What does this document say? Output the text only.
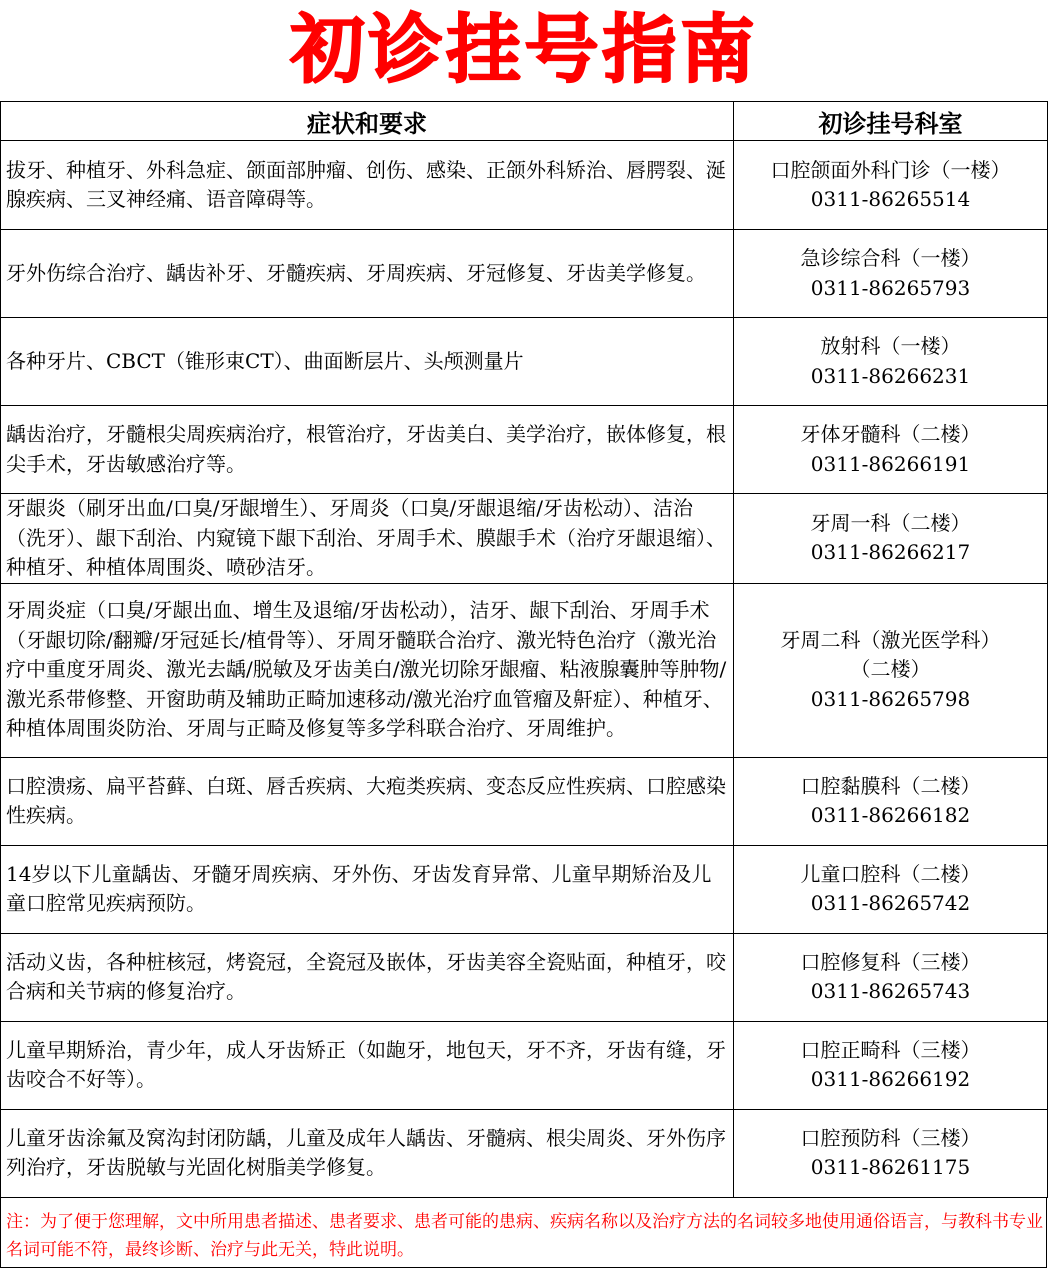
初诊挂号指南
症状和要求	初诊挂号科室
拔牙、种植牙、外科急症、颌面部肿瘤、创伤、感染、正颌外科矫治、唇腭裂、涎腺疾病、三叉神经痛、语音障碍等。	口腔颌面外科门诊（一楼）
0311-86265514

牙外伤综合治疗、龋齿补牙、牙髓疾病、牙周疾病、牙冠修复、牙齿美学修复。	急诊综合科（一楼）
0311-86265793

各种牙片、CBCT（锥形束CT）、曲面断层片、头颅测量片	放射科（一楼）
0311-86266231

龋齿治疗，牙髓根尖周疾病治疗，根管治疗，牙齿美白、美学治疗，嵌体修复，根尖手术，牙齿敏感治疗等。	牙体牙髓科（二楼）
0311-86266191

牙龈炎（刷牙出血/口臭/牙龈增生）、牙周炎（口臭/牙龈退缩/牙齿松动）、洁治（洗牙）、龈下刮治、内窥镜下龈下刮治、牙周手术、膜龈手术（治疗牙龈退缩）、种植牙、种植体周围炎、喷砂洁牙。	牙周一科（二楼）
0311-86266217

牙周炎症（口臭/牙龈出血、增生及退缩/牙齿松动），洁牙、龈下刮治、牙周手术（牙龈切除/翻瓣/牙冠延长/植骨等）、牙周牙髓联合治疗、激光特色治疗（激光治疗中重度牙周炎、激光去龋/脱敏及牙齿美白/激光切除牙龈瘤、粘液腺囊肿等肿物/激光系带修整、开窗助萌及辅助正畸加速移动/激光治疗血管瘤及鼾症）、种植牙、种植体周围炎防治、牙周与正畸及修复等多学科联合治疗、牙周维护。	牙周二科（激光医学科）
（二楼）
0311-86265798

口腔溃疡、扁平苔藓、白斑、唇舌疾病、大疱类疾病、变态反应性疾病、口腔感染性疾病。	口腔黏膜科（二楼）
0311-86266182

14岁以下儿童龋齿、牙髓牙周疾病、牙外伤、牙齿发育异常、儿童早期矫治及儿童口腔常见疾病预防。	儿童口腔科（二楼）
0311-86265742

活动义齿，各种桩核冠，烤瓷冠，全瓷冠及嵌体，牙齿美容全瓷贴面，种植牙，咬合病和关节病的修复治疗。	口腔修复科（三楼）
0311-86265743

儿童早期矫治，青少年，成人牙齿矫正（如龅牙，地包天，牙不齐，牙齿有缝，牙齿咬合不好等）。	口腔正畸科（三楼）
0311-86266192

儿童牙齿涂氟及窝沟封闭防龋，儿童及成年人龋齿、牙髓病、根尖周炎、牙外伤序列治疗，牙齿脱敏与光固化树脂美学修复。	口腔预防科（三楼）
0311-86261175
注：为了便于您理解，文中所用患者描述、患者要求、患者可能的患病、疾病名称以及治疗方法的名词较多地使用通俗语言，与教科书专业名词可能不符，最终诊断、治疗与此无关，特此说明。
